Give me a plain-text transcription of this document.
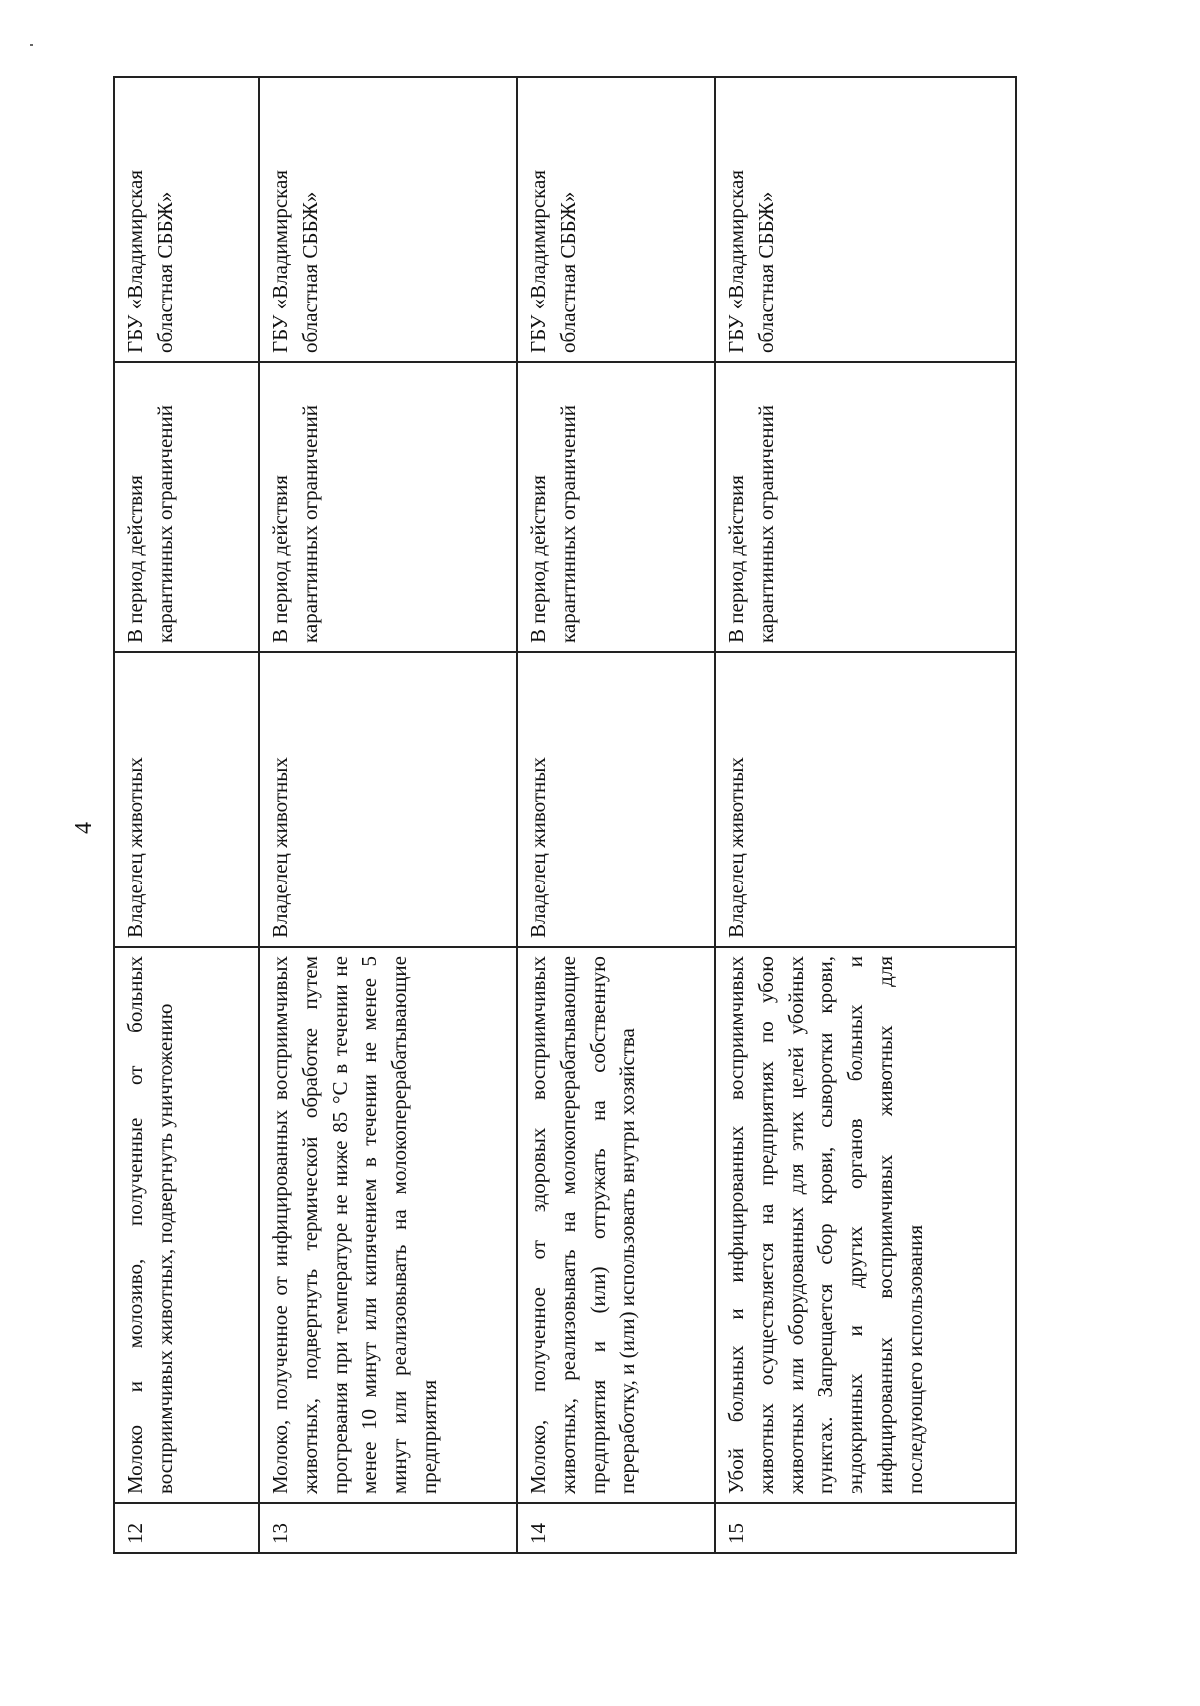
4
12	Молоко и молозиво, полученные от больных восприимчивых животных, подвергнуть уничтожению	Владелец животных	В период действия карантинных ограничений	ГБУ «Владимирская областная СББЖ»
13	Молоко, полученное от инфицированных восприимчивых животных, подвергнуть термической обработке путем прогревания при температуре не ниже 85 °С в течении не менее 10 минут или кипячением в течении не менее 5 минут или реализовывать на молокоперерабатывающие предприятия	Владелец животных	В период действия карантинных ограничений	ГБУ «Владимирская областная СББЖ»
14	Молоко, полученное от здоровых восприимчивых животных, реализовывать на молокоперерабатывающие предприятия и (или) отгружать на собственную переработку, и (или) использовать внутри хозяйства	Владелец животных	В период действия карантинных ограничений	ГБУ «Владимирская областная СББЖ»
15	Убой больных и инфицированных восприимчивых животных осуществляется на предприятиях по убою животных или оборудованных для этих целей убойных пунктах. Запрещается сбор крови, сыворотки крови, эндокринных и других органов больных и инфицированных восприимчивых животных для последующего использования	Владелец животных	В период действия карантинных ограничений	ГБУ «Владимирская областная СББЖ»
